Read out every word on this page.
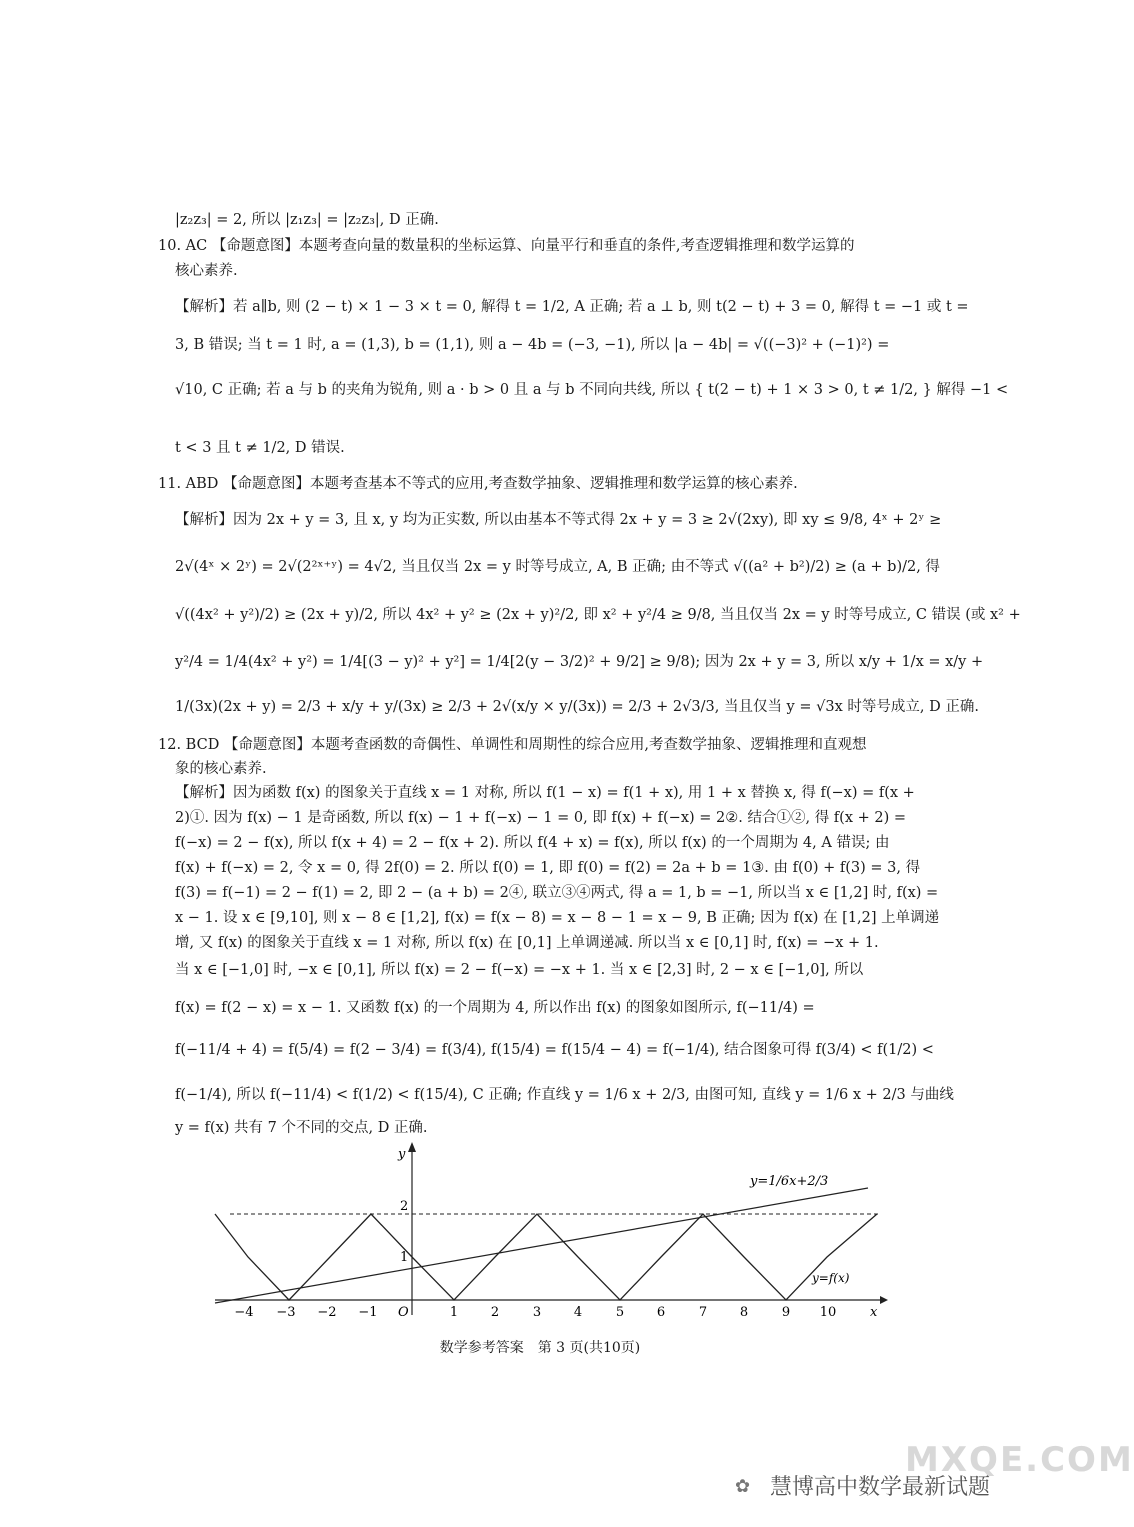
|z₂z₃| = 2, 所以 |z₁z₃| = |z₂z₃|, D 正确.
10. AC 【命题意图】本题考查向量的数量积的坐标运算、向量平行和垂直的条件,考查逻辑推理和数学运算的
核心素养.
【解析】若 a∥b, 则 (2 − t) × 1 − 3 × t = 0, 解得 t = 1/2, A 正确; 若 a ⊥ b, 则 t(2 − t) + 3 = 0, 解得 t = −1 或 t =
3, B 错误; 当 t = 1 时, a = (1,3), b = (1,1), 则 a − 4b = (−3, −1), 所以 |a − 4b| = √((−3)² + (−1)²) =
√10, C 正确; 若 a 与 b 的夹角为锐角, 则 a · b > 0 且 a 与 b 不同向共线, 所以 { t(2 − t) + 1 × 3 > 0, t ≠ 1/2, } 解得 −1 <
t < 3 且 t ≠ 1/2, D 错误.
11. ABD 【命题意图】本题考查基本不等式的应用,考查数学抽象、逻辑推理和数学运算的核心素养.
【解析】因为 2x + y = 3, 且 x, y 均为正实数, 所以由基本不等式得 2x + y = 3 ≥ 2√(2xy), 即 xy ≤ 9/8, 4ˣ + 2ʸ ≥
2√(4ˣ × 2ʸ) = 2√(2²ˣ⁺ʸ) = 4√2, 当且仅当 2x = y 时等号成立, A, B 正确; 由不等式 √((a² + b²)/2) ≥ (a + b)/2, 得
√((4x² + y²)/2) ≥ (2x + y)/2, 所以 4x² + y² ≥ (2x + y)²/2, 即 x² + y²/4 ≥ 9/8, 当且仅当 2x = y 时等号成立, C 错误 (或 x² +
y²/4 = 1/4(4x² + y²) = 1/4[(3 − y)² + y²] = 1/4[2(y − 3/2)² + 9/2] ≥ 9/8); 因为 2x + y = 3, 所以 x/y + 1/x = x/y +
1/(3x)(2x + y) = 2/3 + x/y + y/(3x) ≥ 2/3 + 2√(x/y × y/(3x)) = 2/3 + 2√3/3, 当且仅当 y = √3x 时等号成立, D 正确.
12. BCD 【命题意图】本题考查函数的奇偶性、单调性和周期性的综合应用,考查数学抽象、逻辑推理和直观想
象的核心素养.
【解析】因为函数 f(x) 的图象关于直线 x = 1 对称, 所以 f(1 − x) = f(1 + x), 用 1 + x 替换 x, 得 f(−x) = f(x +
2)①. 因为 f(x) − 1 是奇函数, 所以 f(x) − 1 + f(−x) − 1 = 0, 即 f(x) + f(−x) = 2②. 结合①②, 得 f(x + 2) =
f(−x) = 2 − f(x), 所以 f(x + 4) = 2 − f(x + 2). 所以 f(4 + x) = f(x), 所以 f(x) 的一个周期为 4, A 错误; 由
f(x) + f(−x) = 2, 令 x = 0, 得 2f(0) = 2. 所以 f(0) = 1, 即 f(0) = f(2) = 2a + b = 1③. 由 f(0) + f(3) = 3, 得
f(3) = f(−1) = 2 − f(1) = 2, 即 2 − (a + b) = 2④, 联立③④两式, 得 a = 1, b = −1, 所以当 x ∈ [1,2] 时, f(x) =
x − 1. 设 x ∈ [9,10], 则 x − 8 ∈ [1,2], f(x) = f(x − 8) = x − 8 − 1 = x − 9, B 正确; 因为 f(x) 在 [1,2] 上单调递
增, 又 f(x) 的图象关于直线 x = 1 对称, 所以 f(x) 在 [0,1] 上单调递减. 所以当 x ∈ [0,1] 时, f(x) = −x + 1.
当 x ∈ [−1,0] 时, −x ∈ [0,1], 所以 f(x) = 2 − f(−x) = −x + 1. 当 x ∈ [2,3] 时, 2 − x ∈ [−1,0], 所以
f(x) = f(2 − x) = x − 1. 又函数 f(x) 的一个周期为 4, 所以作出 f(x) 的图象如图所示, f(−11/4) =
f(−11/4 + 4) = f(5/4) = f(2 − 3/4) = f(3/4), f(15/4) = f(15/4 − 4) = f(−1/4), 结合图象可得 f(3/4) < f(1/2) <
f(−1/4), 所以 f(−11/4) < f(1/2) < f(15/4), C 正确; 作直线 y = 1/6 x + 2/3, 由图可知, 直线 y = 1/6 x + 2/3 与曲线
y = f(x) 共有 7 个不同的交点, D 正确.
y
x
O
1
2
−4 −3 −2 −1	1	2	3	4	5	6	7	8	9 10
y=1/6x+2/3
y=f(x)
数学参考答案　第 3 页(共10页)
✿ 慧博高中数学最新试题
MXQE.COM
